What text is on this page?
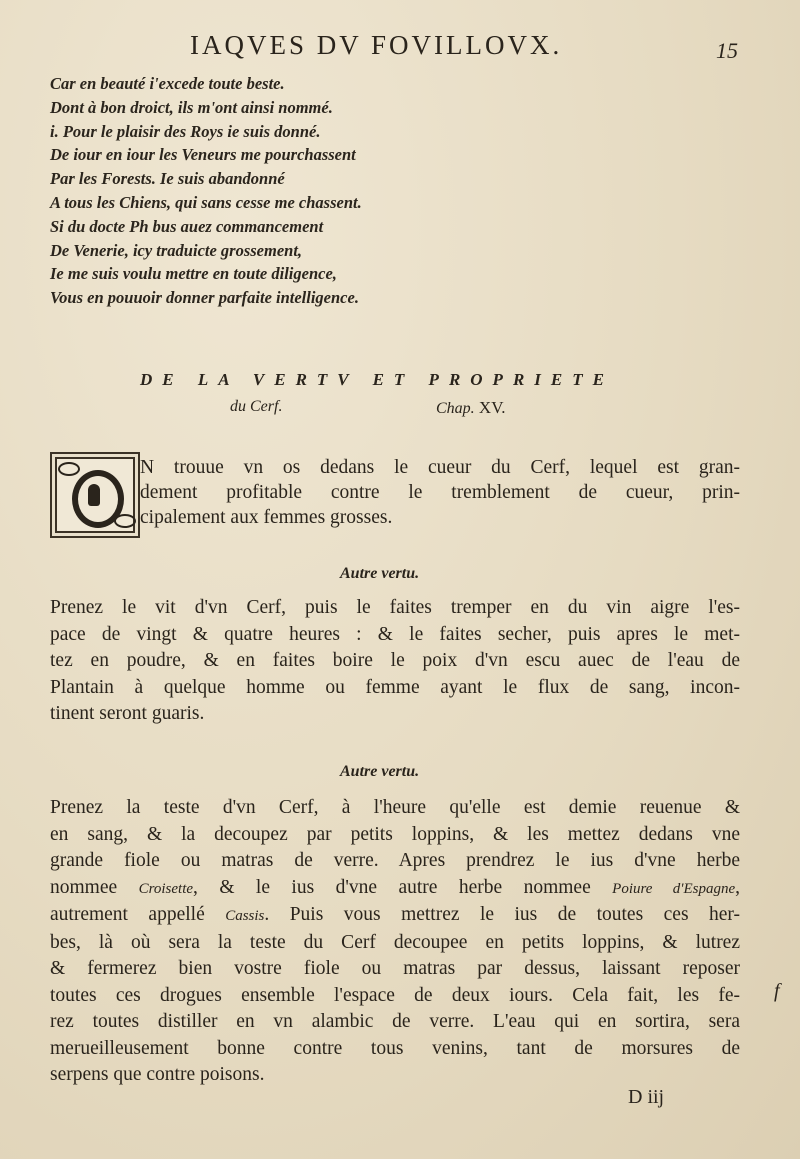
IAQVES DV FOVILLOVX.	15
Car en beauté i'excede toute beste.
Dont à bon droict, ils m'ont ainsi nommé.
i. Pour le plaisir des Roys ie suis donné.
De iour en iour les Veneurs me pourchassent
Par les Forests. Ie suis abandonné
A tous les Chiens, qui sans cesse me chassent.
Si du docte Ph bus auez commancement
De Venerie, icy traduicte grossement,
Ie me suis voulu mettre en toute diligence,
Vous en pouuoir donner parfaite intelligence.
DE LA VERTV ET PROPRIETE
du Cerf.	Chap. XV.
N trouue vn os dedans le cueur du Cerf, lequel est gran-
dement profitable contre le tremblement de cueur, prin-
cipalement aux femmes grosses.
Autre vertu.
Prenez le vit d'vn Cerf, puis le faites tremper en du vin aigre l'es-
pace de vingt & quatre heures : & le faites secher, puis apres le met-
tez en poudre, & en faites boire le poix d'vn escu auec de l'eau de
Plantain à quelque homme ou femme ayant le flux de sang, incon-
tinent seront guaris.
Autre vertu.
Prenez la teste d'vn Cerf, à l'heure qu'elle est demie reuenue &
en sang, & la decoupez par petits loppins, & les mettez dedans vne
grande fiole ou matras de verre. Apres prendrez le ius d'vne herbe
nommee Croisette, & le ius d'vne autre herbe nommee Poiure d'Espagne,
autrement appellé Cassis. Puis vous mettrez le ius de toutes ces her-
bes, là où sera la teste du Cerf decoupee en petits loppins, & lutrez
& fermerez bien vostre fiole ou matras par dessus, laissant reposer
toutes ces drogues ensemble l'espace de deux iours. Cela fait, les fe-
rez toutes distiller en vn alambic de verre. L'eau qui en sortira, sera
merueilleusement bonne contre tous venins, tant de morsures de
serpens que contre poisons.
f
D iij
